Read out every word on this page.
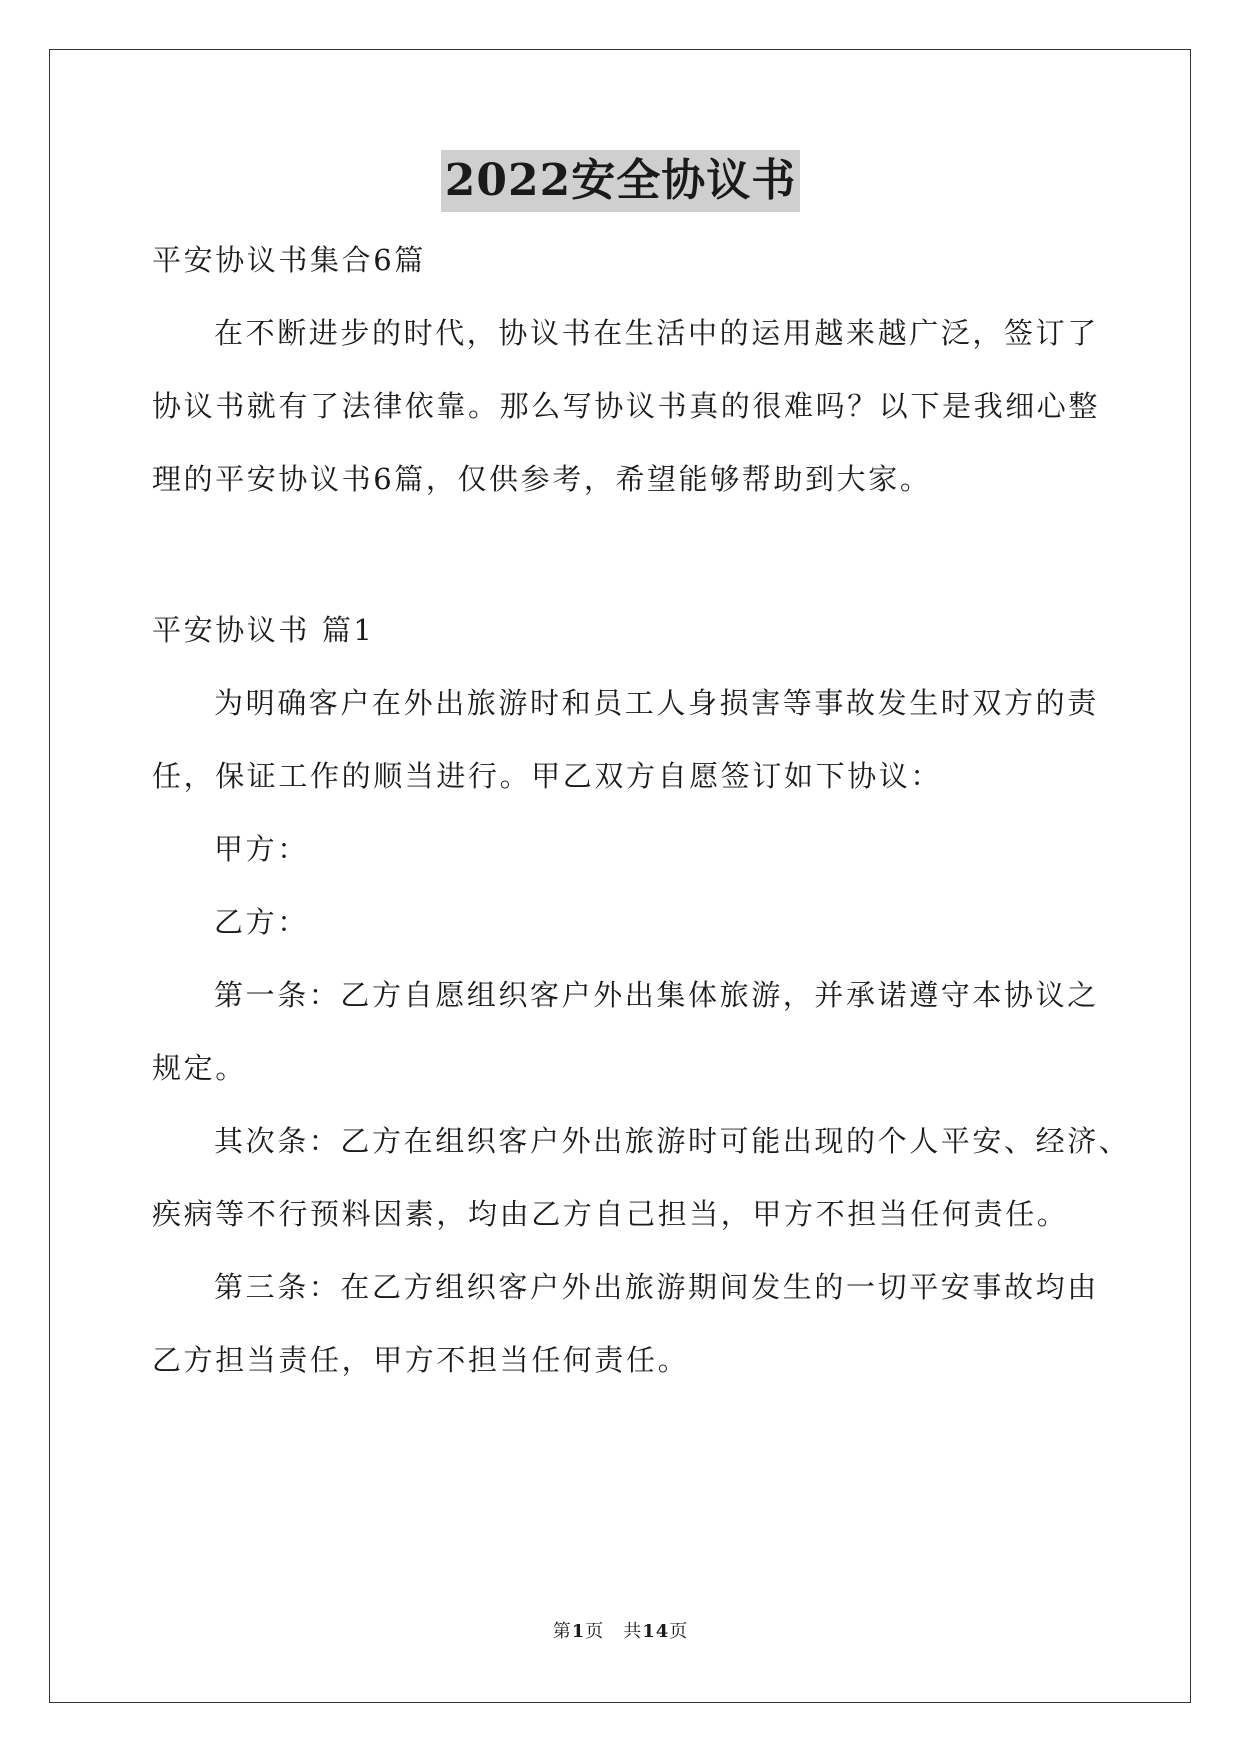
2022安全协议书
平安协议书集合6篇
在不断进步的时代，协议书在生活中的运用越来越广泛，签订了
协议书就有了法律依靠。那么写协议书真的很难吗？以下是我细心整
理的平安协议书6篇，仅供参考，希望能够帮助到大家。
平安协议书 篇1
为明确客户在外出旅游时和员工人身损害等事故发生时双方的责
任，保证工作的顺当进行。甲乙双方自愿签订如下协议：
甲方：
乙方：
第一条：乙方自愿组织客户外出集体旅游，并承诺遵守本协议之
规定。
其次条：乙方在组织客户外出旅游时可能出现的个人平安、经济、
疾病等不行预料因素，均由乙方自己担当，甲方不担当任何责任。
第三条：在乙方组织客户外出旅游期间发生的一切平安事故均由
乙方担当责任，甲方不担当任何责任。
第1页　共14页
